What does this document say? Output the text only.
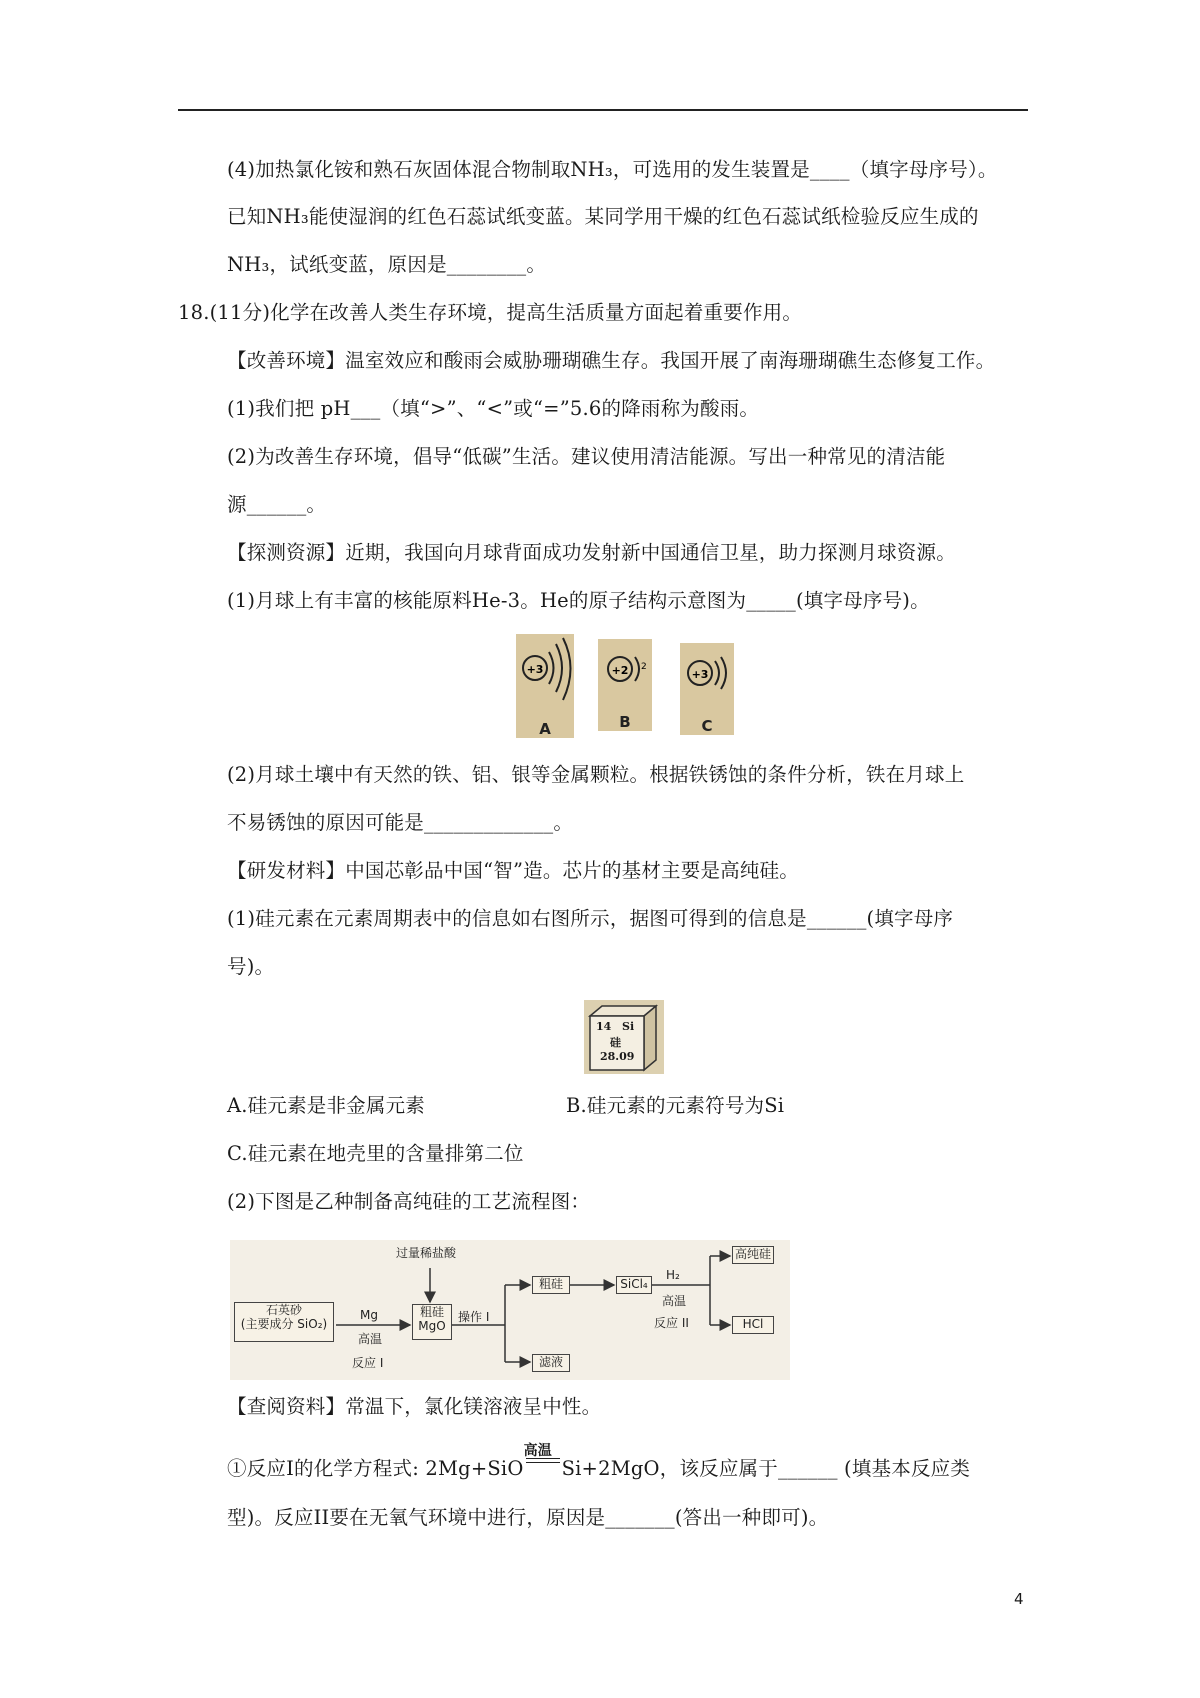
(4)加热氯化铵和熟石灰固体混合物制取NH₃，可选用的发生装置是____（填字母序号）。
已知NH₃能使湿润的红色石蕊试纸变蓝。某同学用干燥的红色石蕊试纸检验反应生成的
NH₃，试纸变蓝，原因是________。
18.(11分)化学在改善人类生存环境，提高生活质量方面起着重要作用。
【改善环境】温室效应和酸雨会威胁珊瑚礁生存。我国开展了南海珊瑚礁生态修复工作。
(1)我们把 pH___（填“>”、“<”或“=”5.6的降雨称为酸雨。
(2)为改善生存环境，倡导“低碳”生活。建议使用清洁能源。写出一种常见的清洁能
源______。
【探测资源】近期，我国向月球背面成功发射新中国通信卫星，助力探测月球资源。
(1)月球上有丰富的核能原料He-3。He的原子结构示意图为_____(填字母序号)。
+3
A
+2 2
B
+3
C
(2)月球土壤中有天然的铁、铝、银等金属颗粒。根据铁锈蚀的条件分析，铁在月球上
不易锈蚀的原因可能是_____________。
【研发材料】中国芯彰品中国“智”造。芯片的基材主要是高纯硅。
(1)硅元素在元素周期表中的信息如右图所示，据图可得到的信息是______(填字母序
号)。
14 Si
硅
28.09
A.硅元素是非金属元素	B.硅元素的元素符号为Si
C.硅元素在地壳里的含量排第二位
(2)下图是乙种制备高纯硅的工艺流程图：
过量稀盐酸
石英砂
(主要成分 SiO₂)
Mg
高温
反应 I
粗硅
MgO
操作 I
粗硅
滤液
SiCl₄
H₂
高温
反应 II
高纯硅
HCl
【查阅资料】常温下，氯化镁溶液呈中性。
①反应I的化学方程式: 2Mg+SiO
高温
Si+2MgO，该反应属于______ (填基本反应类
型)。反应II要在无氧气环境中进行，原因是_______(答出一种即可)。
4
